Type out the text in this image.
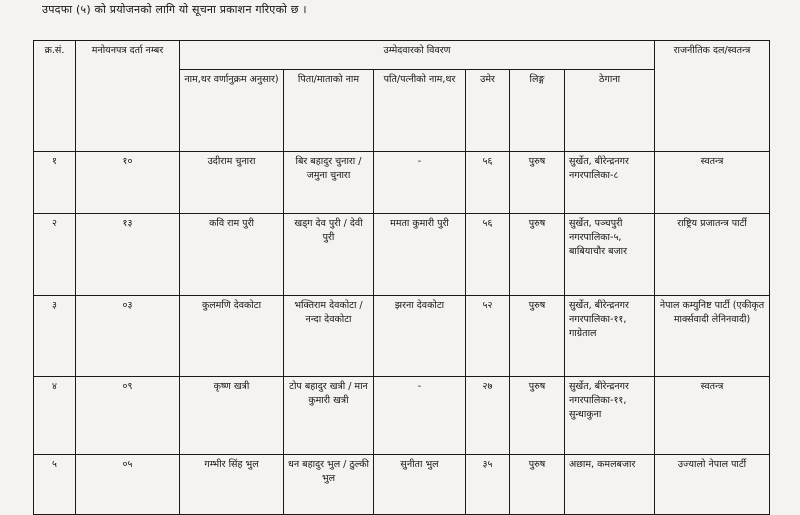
उपदफा (५) को प्रयोजनको लागि यो सूचना प्रकाशन गरिएको छ ।
क्र.सं.	मनोयनपत्र दर्ता नम्बर	उम्मेदवारको विवरण						राजनीतिक दल/स्वतन्त्र
		नाम,थर वर्णानुक्रम अनुसार)	पिता/माताको नाम	पति/पत्नीको नाम,थर	उमेर	लिङ्ग	ठेगाना	
१	१०	उदीराम चुनारा	बिर बहादुर चुनारा / जमुना चुनारा	-	५६	पुरुष	सुर्खेत, बीरेन्द्रनगर नगरपालिका-८	स्वतन्त्र
२	१३	कवि राम पुरी	खड्ग देव पुरी / देवी पुरी	ममता कुमारी पुरी	५६	पुरुष	सुर्खेत, पञ्चपुरी नगरपालिका-५, बाबियाचौर बजार	राष्ट्रिय प्रजातन्त्र पार्टी
३	०३	कुलमणि देवकोटा	भक्तिराम देवकोटा / नन्दा देवकोटा	झरना देवकोटा	५२	पुरुष	सुर्खेत, बीरेन्द्रनगर नगरपालिका-११, गाग्रेताल	नेपाल कम्युनिष्ट पार्टी (एकीकृत मार्क्सवादी लेनिनवादी)
४	०९	कृष्ण खत्री	टोप बहादुर खत्री / मान कुमारी खत्री	-	२७	पुरुष	सुर्खेत, बीरेन्द्रनगर नगरपालिका-११, सुन्धाकुना	स्वतन्त्र
५	०५	गम्भीर सिंह भुल	धन बहादुर भुल / ठुल्की भुल	सुनीता भुल	३५	पुरुष	अछाम, कमलबजार	उज्यालो नेपाल पार्टी
